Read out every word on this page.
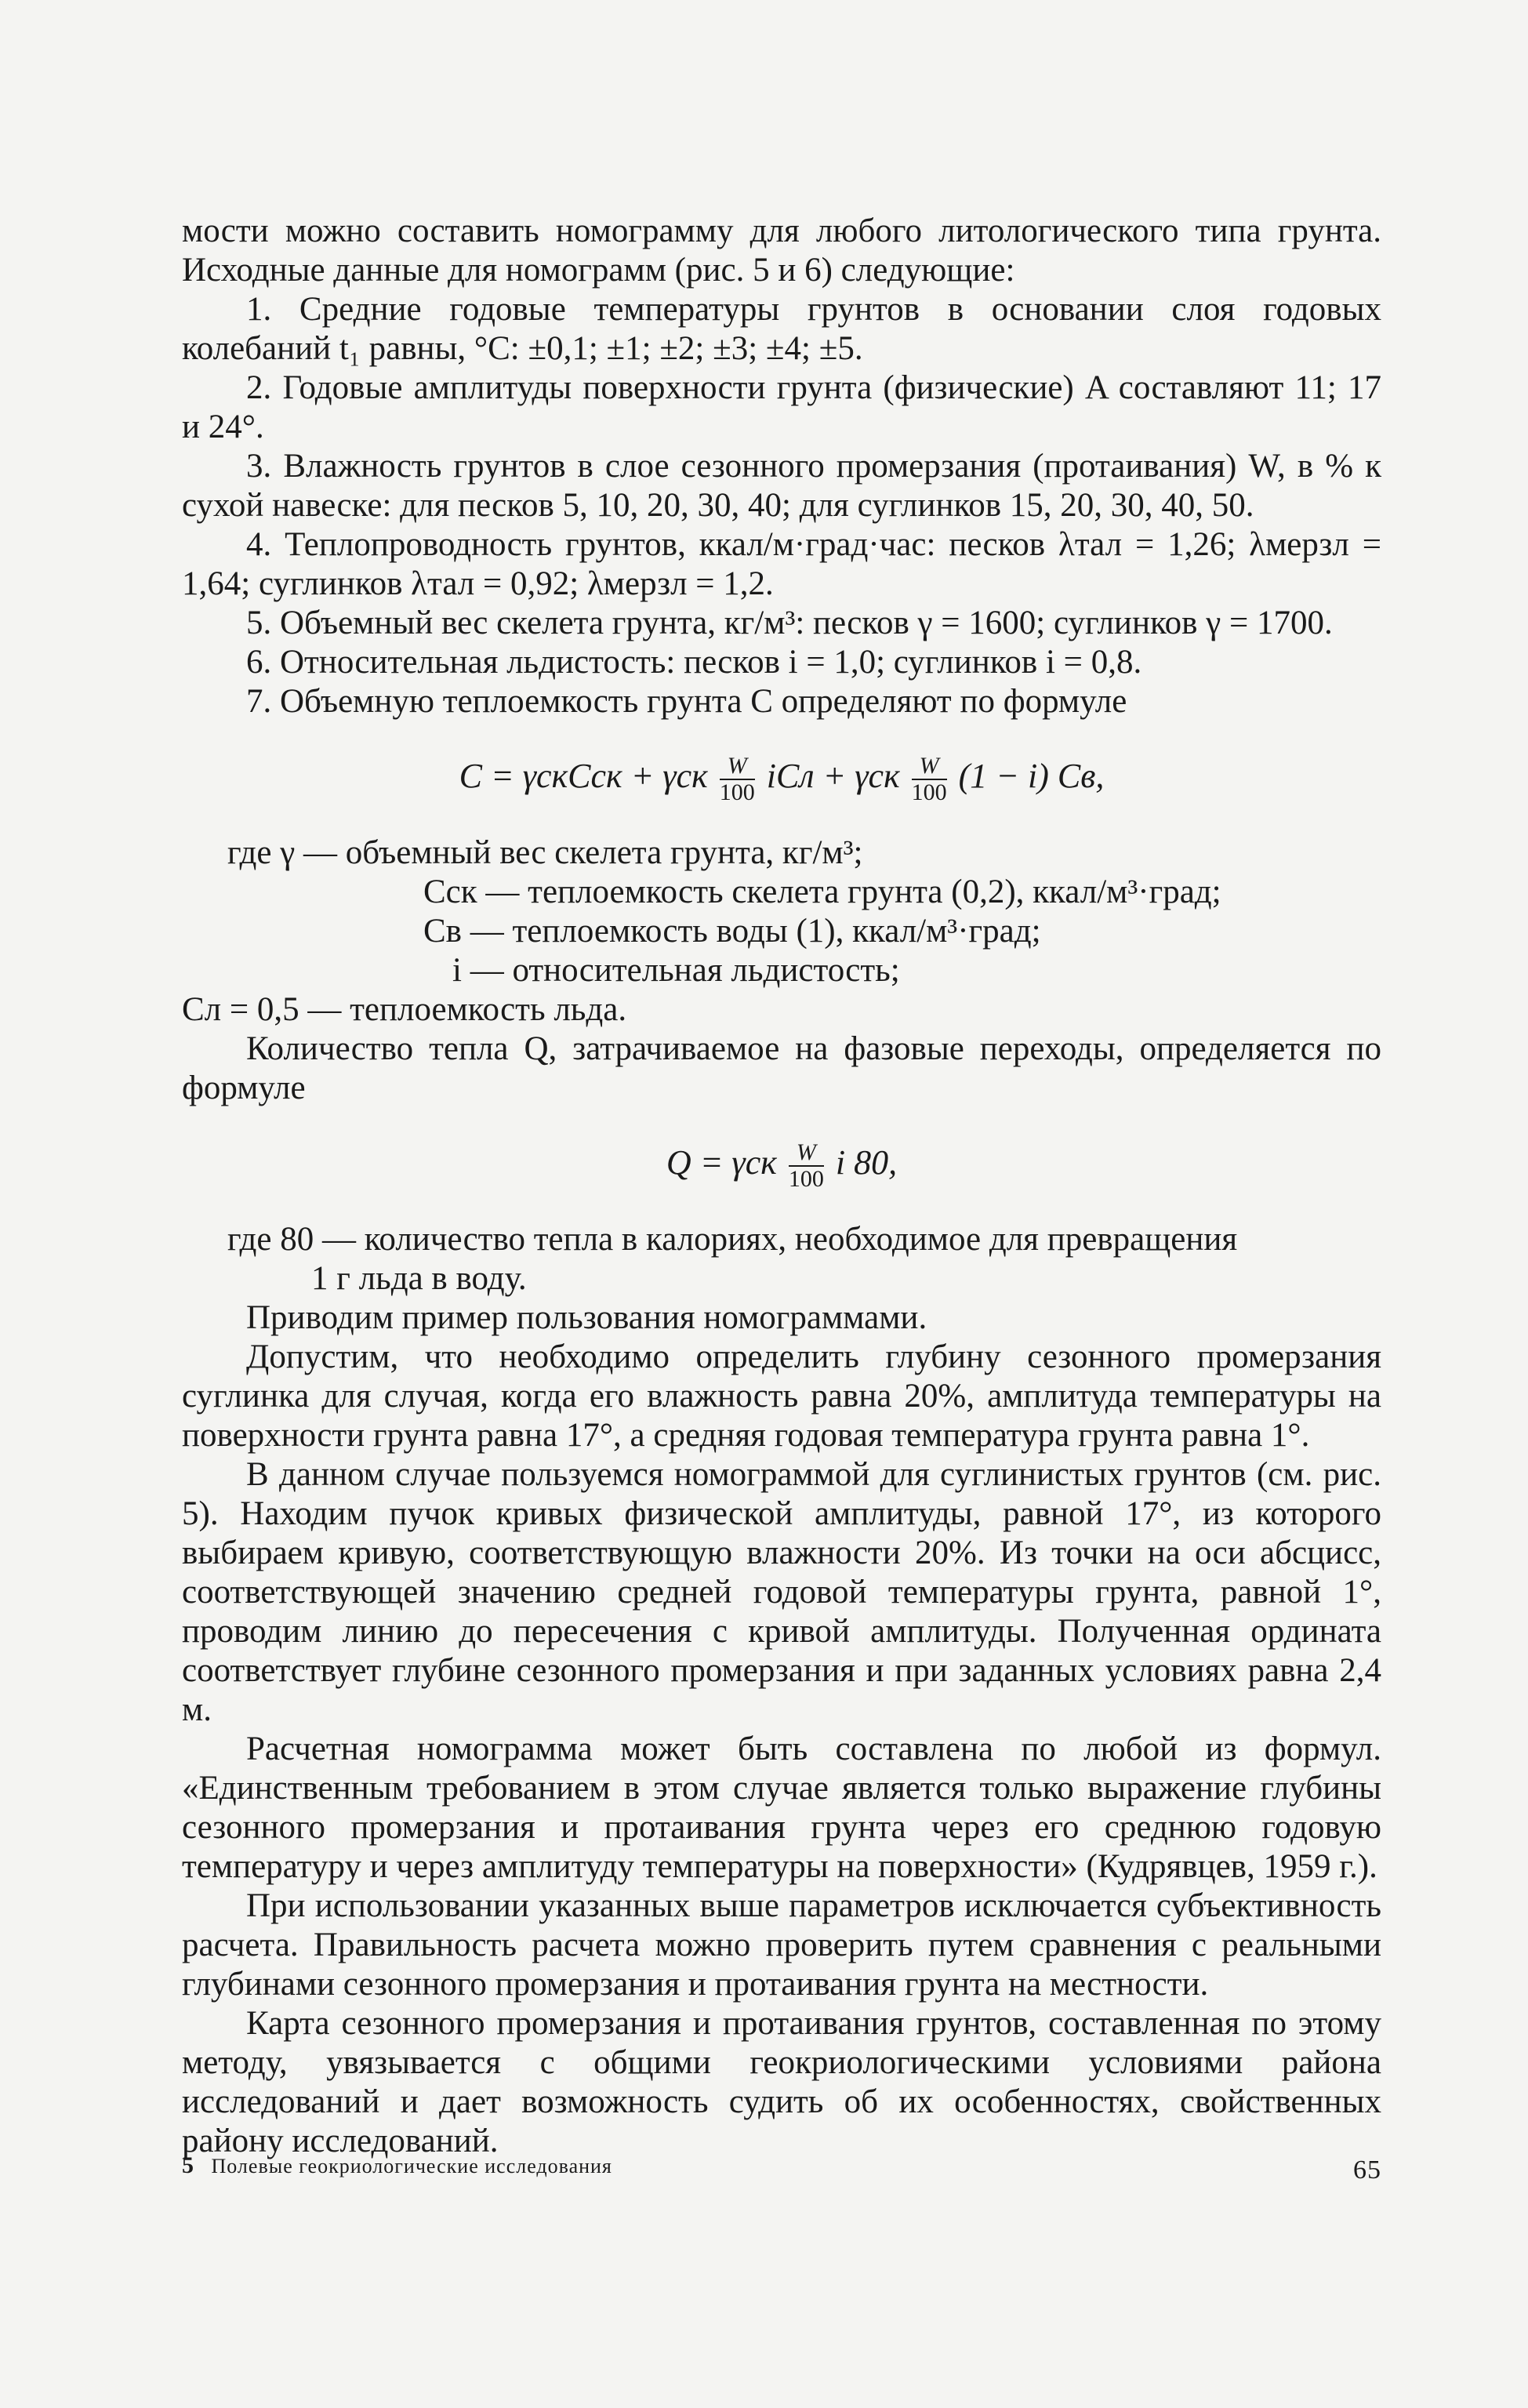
мости можно составить номограмму для любого литологического типа грунта. Исходные данные для номограмм (рис. 5 и 6) следующие:

1. Средние годовые температуры грунтов в основании слоя годовых колебаний t₁ равны, °С: ±0,1; ±1; ±2; ±3; ±4; ±5.

2. Годовые амплитуды поверхности грунта (физические) A составляют 11; 17 и 24°.

3. Влажность грунтов в слое сезонного промерзания (протаивания) W, в % к сухой навеске: для песков 5, 10, 20, 30, 40; для суглинков 15, 20, 30, 40, 50.

4. Теплопроводность грунтов, ккал/м·град·час: песков λтал = 1,26; λмерзл = 1,64; суглинков λтал = 0,92; λмерзл = 1,2.

5. Объемный вес скелета грунта, кг/м³: песков γ = 1600; суглинков γ = 1700.

6. Относительная льдистость: песков i = 1,0; суглинков i = 0,8.

7. Объемную теплоемкость грунта C определяют по формуле

C = γскCск + γск $\frac{W}{100}$ iCл + γск $\frac{W}{100} (1 - i)$ Cв,

где γ — объемный вес скелета грунта, кг/м³;

Cск — теплоемкость скелета грунта (0,2), ккал/м³·град;

Cв — теплоемкость воды (1), ккал/м³·град;

i — относительная льдистость;

Cл = 0,5 — теплоемкость льда.

Количество тепла Q, затрачиваемое на фазовые переходы, определяется по формуле

Q = γск $\frac{W}{100}$ i 80,

где 80 — количество тепла в калориях, необходимое для превращения

1 г льда в воду.

Приводим пример пользования номограммами.

Допустим, что необходимо определить глубину сезонного промерзания суглинка для случая, когда его влажность равна 20%, амплитуда температуры на поверхности грунта равна 17°, а средняя годовая температура грунта равна 1°.

В данном случае пользуемся номограммой для суглинистых грунтов (см. рис. 5). Находим пучок кривых физической амплитуды, равной 17°, из которого выбираем кривую, соответствующую влажности 20%. Из точки на оси абсцисс, соответствующей значению средней годовой температуры грунта, равной 1°, проводим линию до пересечения с кривой амплитуды. Полученная ордината соответствует глубине сезонного промерзания и при заданных условиях равна 2,4 м.

Расчетная номограмма может быть составлена по любой из формул. «Единственным требованием в этом случае является только выражение глубины сезонного промерзания и протаивания грунта через его среднюю годовую температуру и через амплитуду температуры на поверхности» (Кудрявцев, 1959 г.).

При использовании указанных выше параметров исключается субъективность расчета. Правильность расчета можно проверить путем сравнения с реальными глубинами сезонного промерзания и протаивания грунта на местности.

Карта сезонного промерзания и протаивания грунтов, составленная по этому методу, увязывается с общими геокриологическими условиями района исследований и дает возможность судить об их особенностях, свойственных району исследований.

5 Полевые геокриологические исследования	65
